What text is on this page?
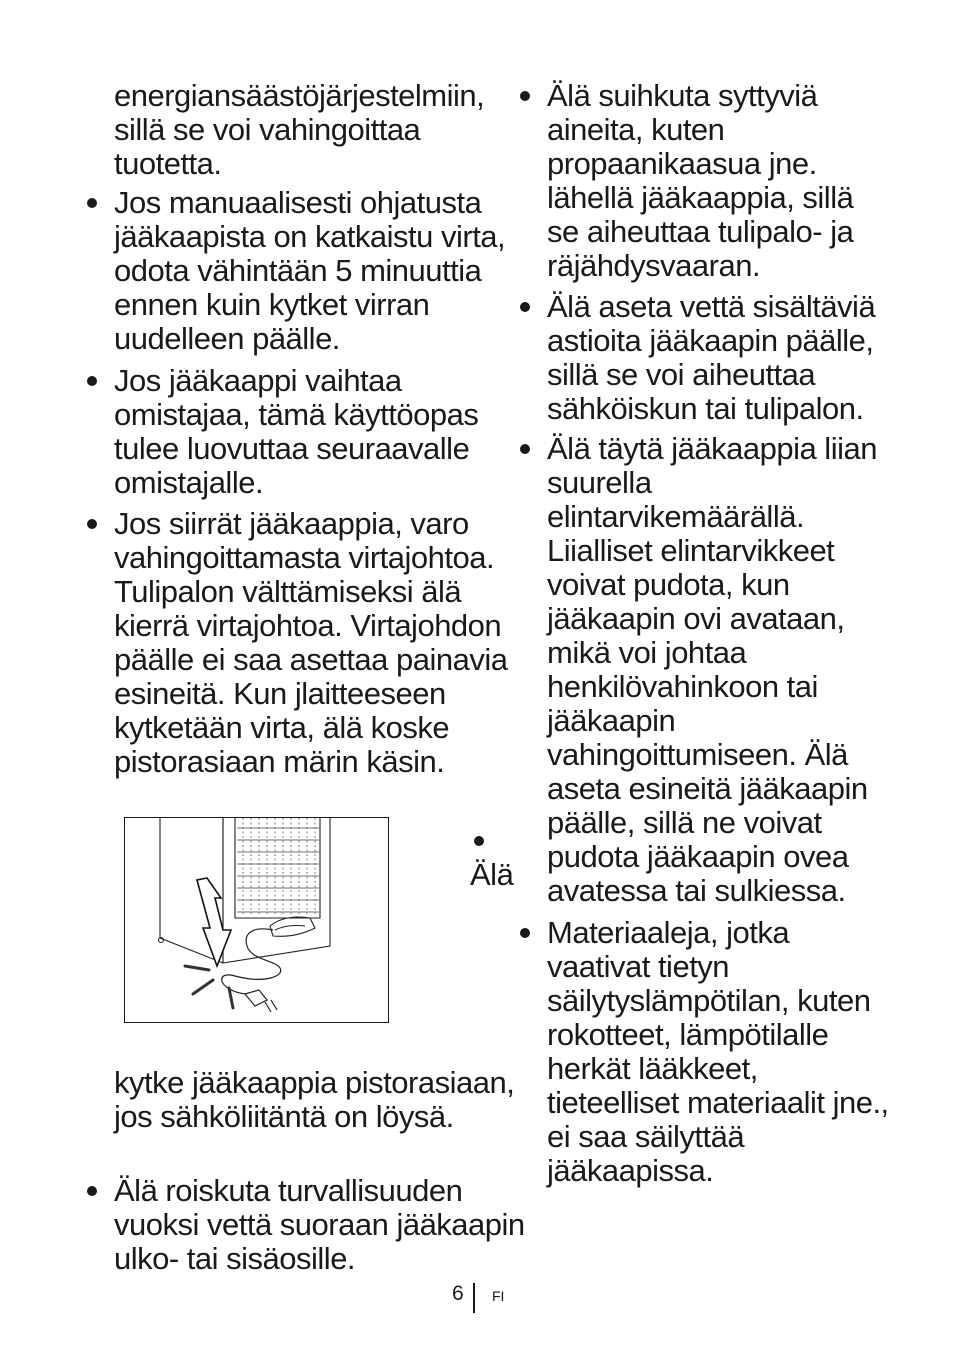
energiansäästöjärjestelmiin, sillä se voi vahingoittaa tuotetta.

Jos manuaalisesti ohjatusta jääkaapista on katkaistu virta, odota vähintään 5 minuuttia ennen kuin kytket virran uudelleen päälle.

Jos jääkaappi vaihtaa omistajaa, tämä käyttöopas tulee luovuttaa seuraavalle omistajalle.

Jos siirrät jääkaappia, varo vahingoittamasta virtajohtoa. Tulipalon välttämiseksi älä kierrä virtajohtoa. Virtajohdon päälle ei saa asettaa painavia esineitä. Kun jlaitteeseen kytketään virta, älä koske pistorasiaan märin käsin.

Älä

kytke jääkaappia pistorasiaan, jos sähköliitäntä on löysä.

Älä roiskuta turvallisuuden vuoksi vettä suoraan jääkaapin ulko- tai sisäosille.

Älä suihkuta syttyviä aineita, kuten propaanikaasua jne. lähellä jääkaappia, sillä se aiheuttaa tulipalo- ja räjähdysvaaran.

Älä aseta vettä sisältäviä astioita jääkaapin päälle, sillä se voi aiheuttaa sähköiskun tai tulipalon.

Älä täytä jääkaappia liian suurella elintarvikemäärällä. Liialliset elintarvikkeet voivat pudota, kun jääkaapin ovi avataan, mikä voi johtaa henkilövahinkoon tai jääkaapin vahingoittumiseen. Älä aseta esineitä jääkaapin päälle, sillä ne voivat pudota jääkaapin ovea avatessa tai sulkiessa.

Materiaaleja, jotka vaativat tietyn säilytyslämpötilan, kuten rokotteet, lämpötilalle herkät lääkkeet, tieteelliset materiaalit jne., ei saa säilyttää jääkaapissa.

6 FI
